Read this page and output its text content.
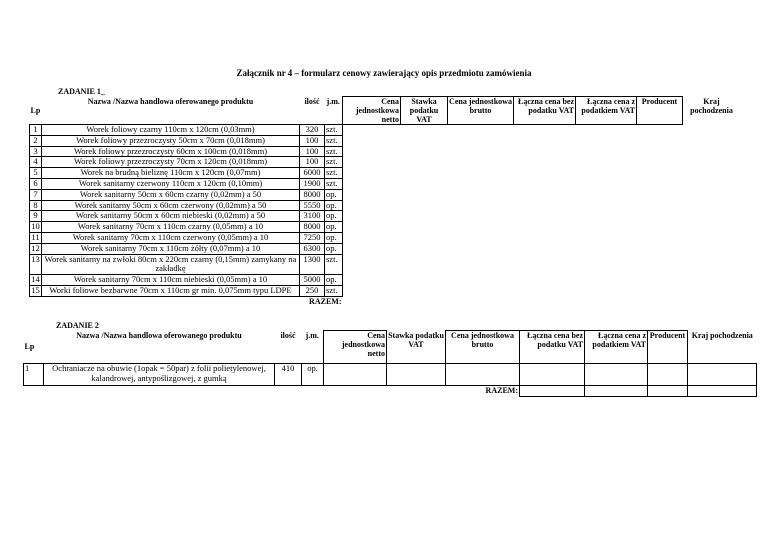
Załącznik nr 4 – formularz cenowy zawierający opis przedmiotu zamówienia
ZADANIE 1_
Lp	Nazwa /Nazwa handlowa oferowanego produktu	ilość	j.m.	Cena jednostkowa netto	Stawka podatku VAT	Cena jednostkowa brutto	Łączna cena bez podatku VAT	Łączna cena z podatkiem VAT	Producent	Kraj pochodzenia
1	Worek foliowy czarny 110cm x 120cm (0,03mm)	320	szt.							
2	Worek foliowy przezroczysty 50cm x 70cm (0,018mm)	100	szt.							
3	Worek foliowy przezroczysty 60cm x 100cm (0,018mm)	100	szt.							
4	Worek foliowy przezroczysty 70cm x 120cm (0,018mm)	100	szt.							
5	Worek na brudną bieliznę 110cm x 120cm (0,07mm)	6000	szt.							
6	Worek sanitarny czerwony 110cm x 120cm (0,10mm)	1900	szt.							
7	Worek sanitarny 50cm x 60cm czarny (0,02mm) a 50	8000	op.							
8	Worek sanitarny 50cm x 60cm czerwony (0,02mm) a 50	5550	op.							
9	Worek sanitarny 50cm x 60cm niebieski (0,02mm) a 50	3100	op.							
10	Worek sanitarny 70cm x 110cm czarny (0,05mm) a 10	8000	op.							
11	Worek sanitarny 70cm x 110cm czerwony (0,05mm) a 10	7250	op.							
12	Worek sanitarny 70cm x 110cm żółty (0,07mm) a 10	6300	op.							
13	Worek sanitarny na zwłoki 80cm x 220cm czarny (0,15mm) zamykany na zakładkę	1300	szt.							
14	Worek sanitarny 70cm x 110cm niebieski (0,05mm) a 10	5000	op.							
15	Worki foliowe bezbarwne 70cm x 110cm gr min. 0,075mm typu LDPE	250	szt.							
RAZEM:										
ZADANIE 2
Lp	Nazwa /Nazwa handlowa oferowanego produktu	ilość	j.m.	Cena jednostkowa netto	Stawka podatku VAT	Cena jednostkowa brutto	Łączna cena bez podatku VAT	Łączna cena z podatkiem VAT	Producent	Kraj pochodzenia
1	Ochraniacze na obuwie (1opak = 50par) z folii polietylenowej, kalandrowej, antypoślizgowej, z gumką	410	op.							
RAZEM:										
